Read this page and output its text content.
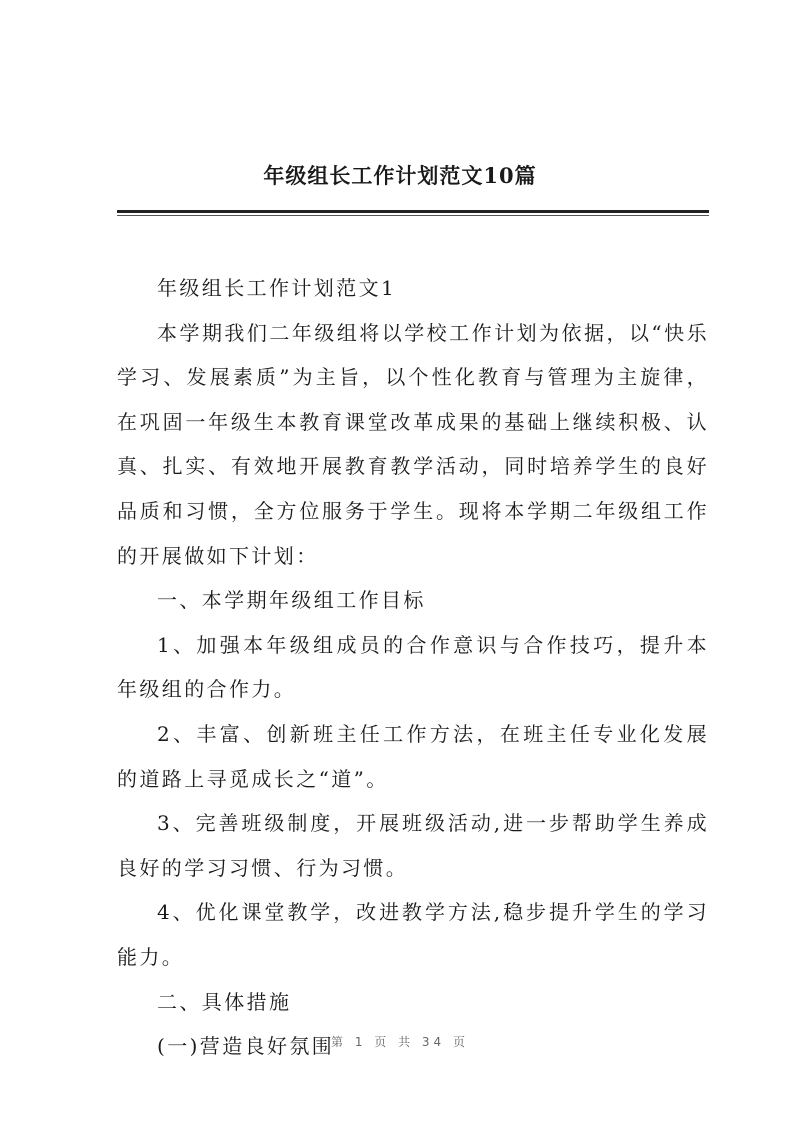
年级组长工作计划范文10篇

年级组长工作计划范文1

本学期我们二年级组将以学校工作计划为依据，以“快乐学习、发展素质”为主旨，以个性化教育与管理为主旋律，在巩固一年级生本教育课堂改革成果的基础上继续积极、认真、扎实、有效地开展教育教学活动，同时培养学生的良好品质和习惯，全方位服务于学生。现将本学期二年级组工作的开展做如下计划：

一、本学期年级组工作目标

1、加强本年级组成员的合作意识与合作技巧，提升本年级组的合作力。

2、丰富、创新班主任工作方法，在班主任专业化发展的道路上寻觅成长之“道”。

3、完善班级制度，开展班级活动,进一步帮助学生养成良好的学习习惯、行为习惯。

4、优化课堂教学，改进教学方法,稳步提升学生的学习能力。

二、具体措施

(一)营造良好氛围

第 1 页 共 34 页
